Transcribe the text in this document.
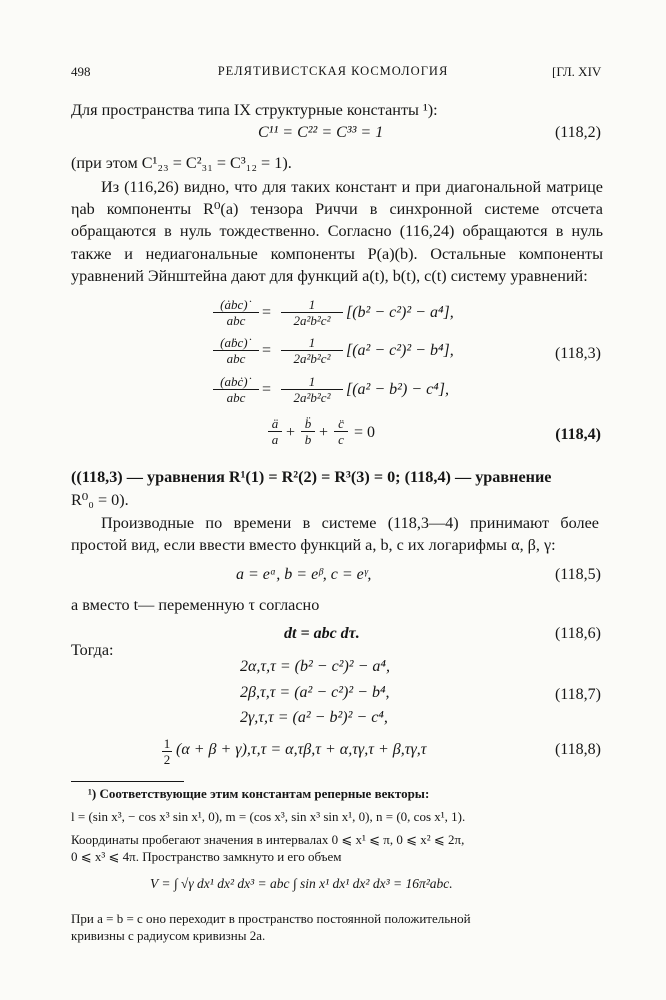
498	РЕЛЯТИВИСТСКАЯ КОСМОЛОГИЯ	[ГЛ. XIV
Для пространства типа IX структурные константы ¹):
C¹¹ = C²² = C³³ = 1	(118,2)
(при этом C¹₂₃ = C²₃₁ = C³₁₂ = 1).
Из (116,26) видно, что для таких констант и при диагональной матрице ηab компоненты R⁰(a) тензора Риччи в синхронной системе отсчета обращаются в нуль тождественно. Согласно (116,24) обращаются в нуль также и недиагональные компоненты P(a)(b). Остальные компоненты уравнений Эйнштейна дают для функций a(t), b(t), c(t) систему уравнений:
(ȧbc)˙
abc	= $\frac{1}{\text{2a²b²c²}} [(b^2 - c^2)^2 - a^4]$,
(aḃc)˙
abc	= $\frac{1}{\text{2a²b²c²}} [(a^2 - c^2)^2 - b^4]$,	(118,3)
(abċ)˙
abc	= $\frac{1}{\text{2a²b²c²}} [(a^2 - b^2) - c^4]$,
$\frac{ä}{a} + \frac{b̈}{b} + \frac{c̈}{c} = 0$	(118,4)
((118,3) — уравнения R¹(1) = R²(2) = R³(3) = 0; (118,4) — уравнение
R⁰₀ = 0).
Производные по времени в системе (118,3—4) принимают более простой вид, если ввести вместо функций a, b, c их логарифмы α, β, γ:
a = eᵅ, b = eᵝ, c = eᵞ,	(118,5)
а вместо t— переменную τ согласно
dt = abc dτ.	(118,6)
Тогда:
2α,τ,τ = (b² − c²)² − a⁴,
2β,τ,τ = (a² − c²)² − b⁴,
2γ,τ,τ = (a² − b²)² − c⁴,
(118,7)
$\frac{1}{2} (\alpha + \beta + \gamma),\tau,\tau = \alpha,\tau\beta,\tau + \alpha,\tau\gamma,\tau + \beta,\tau\gamma,\tau$	(118,8)
¹) Соответствующие этим константам реперные векторы:
l = (sin x³, − cos x³ sin x¹, 0), m = (cos x³, sin x³ sin x¹, 0), n = (0, cos x¹, 1).
Координаты пробегают значения в интервалах 0 ⩽ x¹ ⩽ π, 0 ⩽ x² ⩽ 2π,
0 ⩽ x³ ⩽ 4π. Пространство замкнуто и его объем
V = ∫ √γ dx¹ dx² dx³ = abc ∫ sin x¹ dx¹ dx² dx³ = 16π²abc.
При a = b = c оно переходит в пространство постоянной положительной
кривизны с радиусом кривизны 2a.
